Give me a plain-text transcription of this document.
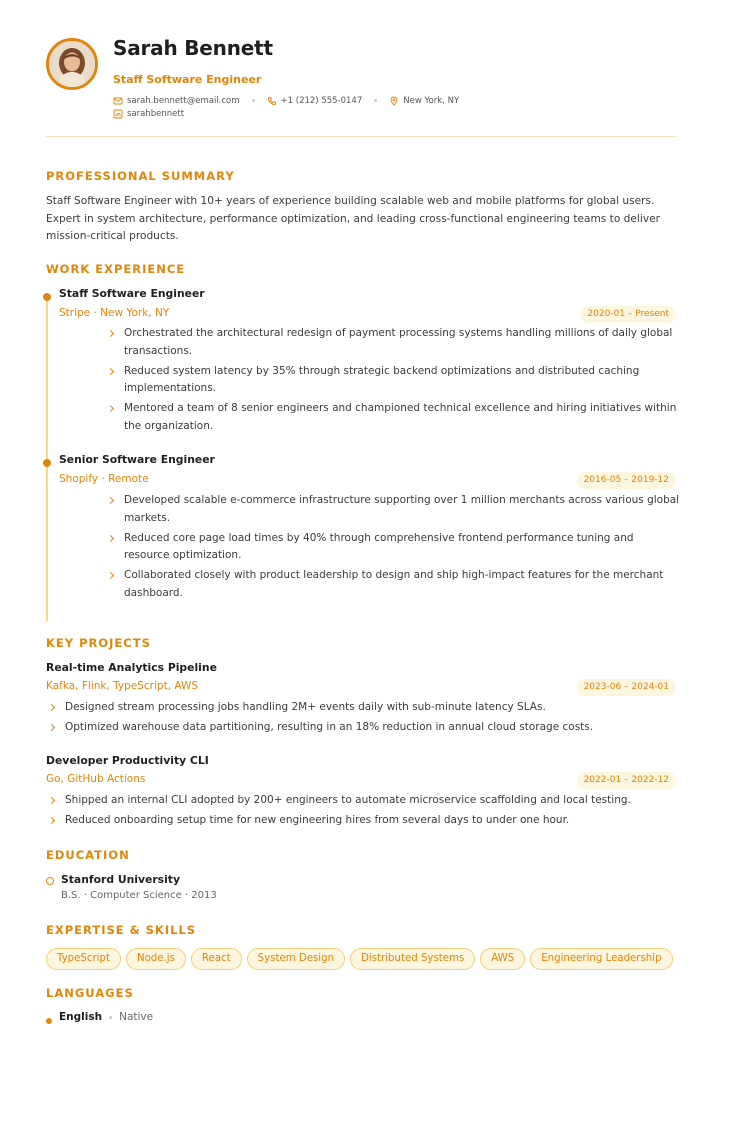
Sarah Bennett
Staff Software Engineer
sarah.bennett@email.com	+1 (212) 555-0147	New York, NY
sarahbennett
PROFESSIONAL SUMMARY
Staff Software Engineer with 10+ years of experience building scalable web and mobile platforms for global users. Expert in system architecture, performance optimization, and leading cross-functional engineering teams to deliver mission-critical products.
WORK EXPERIENCE
Staff Software Engineer
Stripe · New York, NY	2020-01 – Present
Orchestrated the architectural redesign of payment processing systems handling millions of daily global transactions.
Reduced system latency by 35% through strategic backend optimizations and distributed caching implementations.
Mentored a team of 8 senior engineers and championed technical excellence and hiring initiatives within the organization.
Senior Software Engineer
Shopify · Remote	2016-05 – 2019-12
Developed scalable e-commerce infrastructure supporting over 1 million merchants across various global markets.
Reduced core page load times by 40% through comprehensive frontend performance tuning and resource optimization.
Collaborated closely with product leadership to design and ship high-impact features for the merchant dashboard.
KEY PROJECTS
Real-time Analytics Pipeline
Kafka, Flink, TypeScript, AWS	2023-06 – 2024-01
Designed stream processing jobs handling 2M+ events daily with sub-minute latency SLAs.
Optimized warehouse data partitioning, resulting in an 18% reduction in annual cloud storage costs.
Developer Productivity CLI
Go, GitHub Actions	2022-01 – 2022-12
Shipped an internal CLI adopted by 200+ engineers to automate microservice scaffolding and local testing.
Reduced onboarding setup time for new engineering hires from several days to under one hour.
EDUCATION
Stanford University
B.S. · Computer Science · 2013
EXPERTISE & SKILLS
TypeScript	Node.js	React	System Design	Distributed Systems	AWS	Engineering Leadership
LANGUAGES
English Native
